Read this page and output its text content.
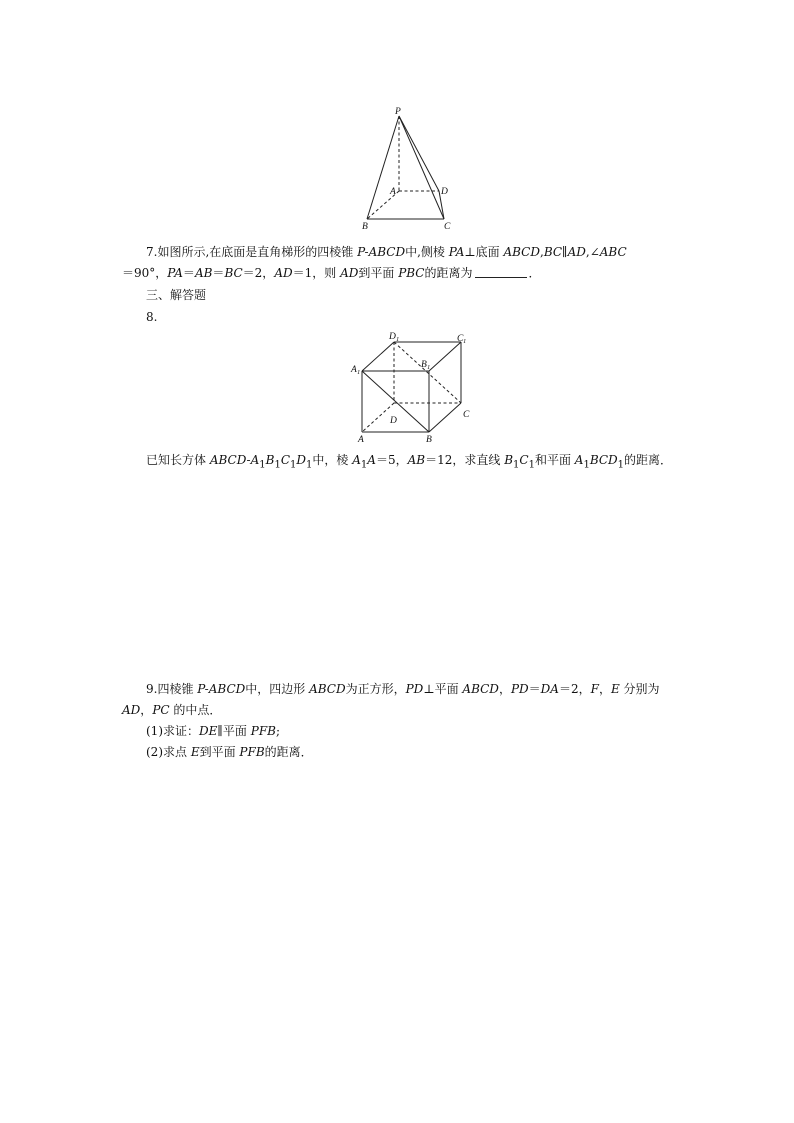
P
A
B	C
D
7.如图所示,在底面是直角梯形的四棱锥 P-ABCD中,侧棱 PA⊥底面 ABCD,BC∥AD,∠ABC
＝90°，PA＝AB＝BC＝2，AD＝1，则 AD到平面 PBC的距离为	．
三、解答题
8.
A 1
D 1	C 1
B 1
D
C
A	B
已知长方体 ABCD-$A_1B_1C_1D_1$中，棱 $A_1A=5$，AB＝12，求直线 $B_1C_1$和平面 $A_1BCD_1$的距离．
9.四棱锥 P-ABCD中，四边形 ABCD为正方形，PD⊥平面 ABCD，PD＝DA＝2，F，E 分别为
AD，PC 的中点．
(1)求证：DE∥平面 PFB;
(2)求点 E到平面 PFB的距离．
